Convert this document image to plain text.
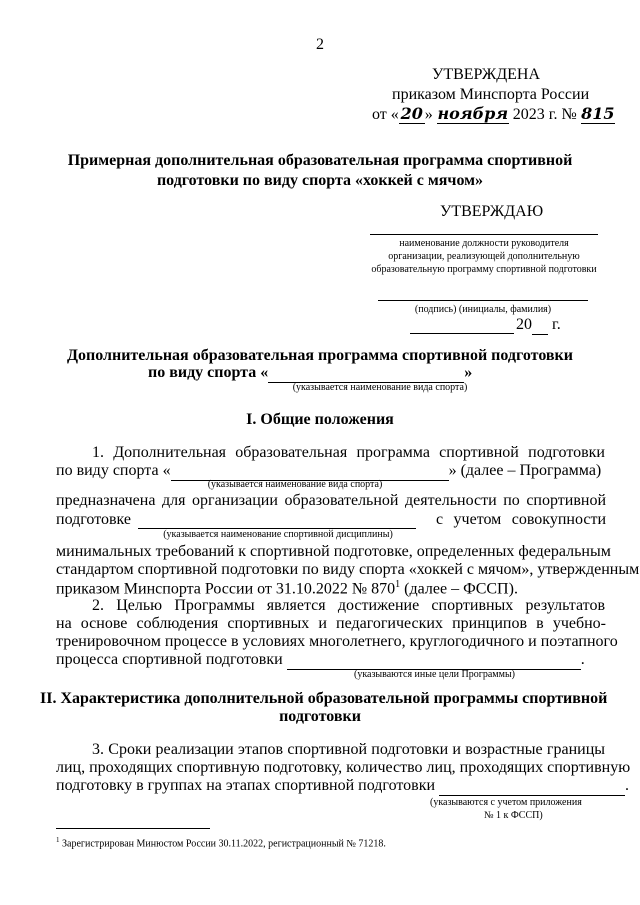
2
УТВЕРЖДЕНА
приказом Минспорта России
от « 20 » ноября 2023 г. № 815
Примерная дополнительная образовательная программа спортивной
подготовки по виду спорта «хоккей с мячом»
УТВЕРЖДАЮ
наименование должности руководителя
организации, реализующей дополнительную
образовательную программу спортивной подготовки
(подпись) (инициалы, фамилия)
20 г.
Дополнительная образовательная программа спортивной подготовки
по виду спорта «	»
(указывается наименование вида спорта)
I. Общие положения
1. Дополнительная образовательная программа спортивной подготовки
по виду спорта «	» (далее – Программа)
(указывается наименование вида спорта)
предназначена для организации образовательной деятельности по спортивной
подготовке	с учетом совокупности
(указывается наименование спортивной дисциплины)
минимальных требований к спортивной подготовке, определенных федеральным
стандартом спортивной подготовки по виду спорта «хоккей с мячом», утвержденным
приказом Минспорта России от 31.10.2022 № $870^1$ (далее – ФССП).
2. Целью Программы является достижение спортивных результатов
на основе соблюдения спортивных и педагогических принципов в учебно-
тренировочном процессе в условиях многолетнего, круглогодичного и поэтапного
процесса спортивной подготовки	.
(указываются иные цели Программы)
II. Характеристика дополнительной образовательной программы спортивной
подготовки
3. Сроки реализации этапов спортивной подготовки и возрастные границы
лиц, проходящих спортивную подготовку, количество лиц, проходящих спортивную
подготовку в группах на этапах спортивной подготовки	.
(указываются с учетом приложения
№ 1 к ФССП)
$^1$ Зарегистрирован Минюстом России 30.11.2022, регистрационный № 71218.
